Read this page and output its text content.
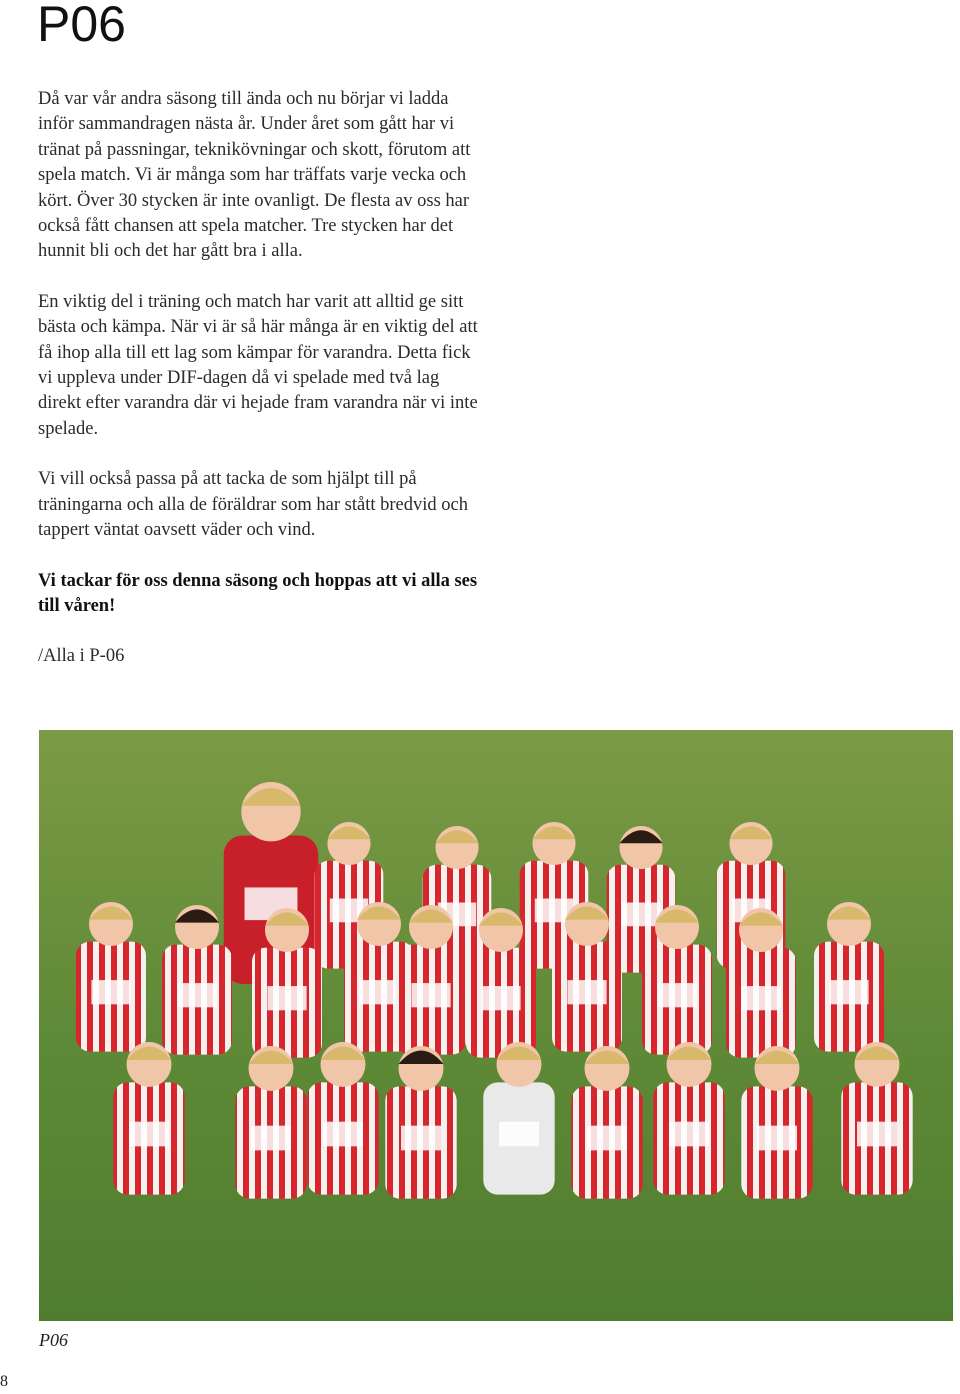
P06

Då var vår andra säsong till ända och nu börjar vi ladda inför sammandragen nästa år. Under året som gått har vi tränat på passningar, teknikövningar och skott, förutom att spela match. Vi är många som har träffats varje vecka och kört. Över 30 stycken är inte ovanligt. De flesta av oss har också fått chansen att spela matcher. Tre stycken har det hunnit bli och det har gått bra i alla.

En viktig del i träning och match har varit att alltid ge sitt bästa och kämpa. När vi är så här många är en viktig del att få ihop alla till ett lag som kämpar för varandra. Detta fick vi uppleva under DIF-dagen då vi spelade med två lag direkt efter varandra där vi hejade fram varandra när vi inte spelade.

Vi vill också passa på att tacka de som hjälpt till på träningarna och alla de föräldrar som har stått bredvid och tappert väntat oavsett väder och vind.

Vi tackar för oss denna säsong och hoppas att vi alla ses till våren!

/Alla i P-06

P06
8
